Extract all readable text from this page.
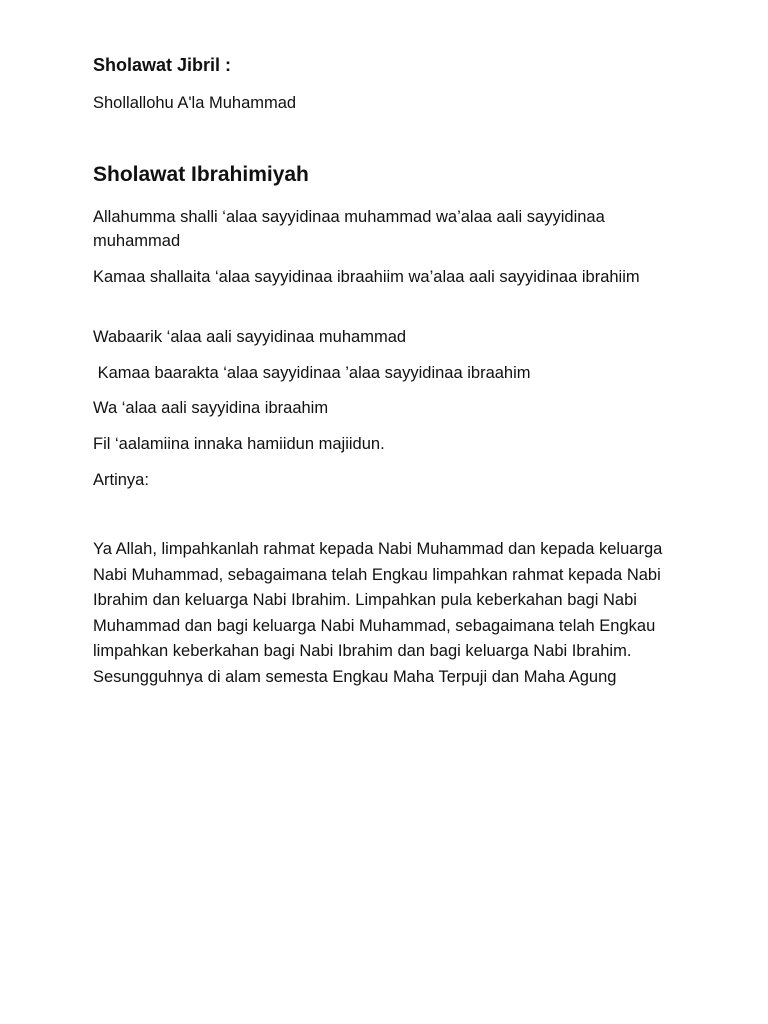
Sholawat Jibril :
Shollallohu A'la Muhammad
Sholawat Ibrahimiyah
Allahumma shalli ‘alaa sayyidinaa muhammad wa’alaa aali sayyidinaa muhammad
Kamaa shallaita ‘alaa sayyidinaa ibraahiim wa’alaa aali sayyidinaa ibrahiim
Wabaarik ‘alaa aali sayyidinaa muhammad
Kamaa baarakta ‘alaa sayyidinaa ’alaa sayyidinaa ibraahim
Wa ‘alaa aali sayyidina ibraahim
Fil ‘aalamiina innaka hamiidun majiidun.
Artinya:
Ya Allah, limpahkanlah rahmat kepada Nabi Muhammad dan kepada keluarga Nabi Muhammad, sebagaimana telah Engkau limpahkan rahmat kepada Nabi Ibrahim dan keluarga Nabi Ibrahim. Limpahkan pula keberkahan bagi Nabi Muhammad dan bagi keluarga Nabi Muhammad, sebagaimana telah Engkau limpahkan keberkahan bagi Nabi Ibrahim dan bagi keluarga Nabi Ibrahim. Sesungguhnya di alam semesta Engkau Maha Terpuji dan Maha Agung
